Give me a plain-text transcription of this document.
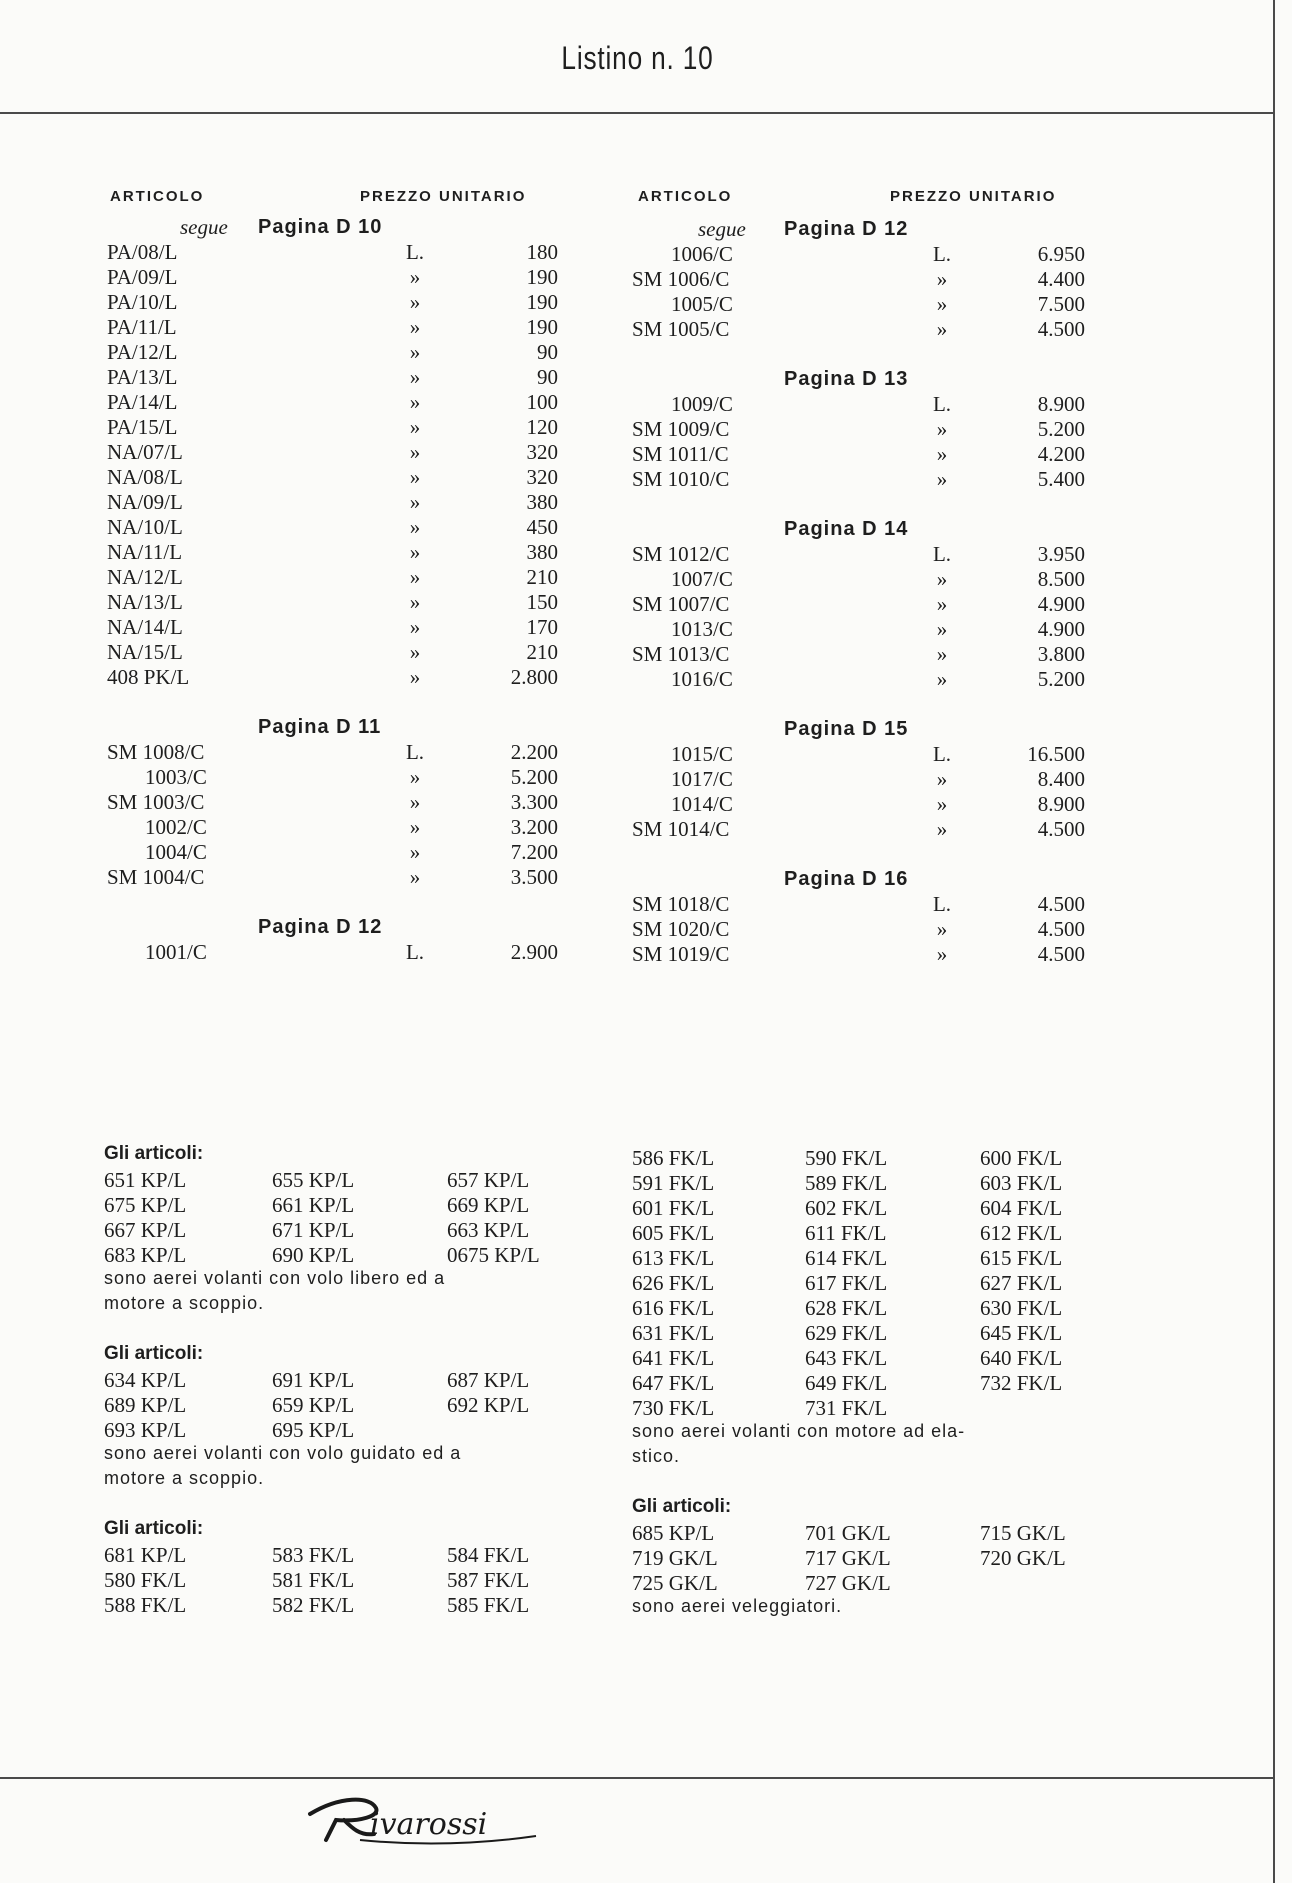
Listino n. 10
ARTICOLO	PREZZO UNITARIO	ARTICOLO	PREZZO UNITARIO
segue Pagina D 10
PA/08/L	L.	180
PA/09/L	»	190
PA/10/L	»	190
PA/11/L	»	190
PA/12/L	»	90
PA/13/L	»	90
PA/14/L	»	100
PA/15/L	»	120
NA/07/L	»	320
NA/08/L	»	320
NA/09/L	»	380
NA/10/L	»	450
NA/11/L	»	380
NA/12/L	»	210
NA/13/L	»	150
NA/14/L	»	170
NA/15/L	»	210
408 PK/L	»	2.800
Pagina D 11
SM 1008/C	L.	2.200
1003/C	»	5.200
SM 1003/C	»	3.300
1002/C	»	3.200
1004/C	»	7.200
SM 1004/C	»	3.500
Pagina D 12
1001/C	L.	2.900
segue Pagina D 12
1006/C	L.	6.950
SM 1006/C	»	4.400
1005/C	»	7.500
SM 1005/C	»	4.500
Pagina D 13
1009/C	L.	8.900
SM 1009/C	»	5.200
SM 1011/C	»	4.200
SM 1010/C	»	5.400
Pagina D 14
SM 1012/C	L.	3.950
1007/C	»	8.500
SM 1007/C	»	4.900
1013/C	»	4.900
SM 1013/C	»	3.800
1016/C	»	5.200
Pagina D 15
1015/C	L.	16.500
1017/C	»	8.400
1014/C	»	8.900
SM 1014/C	»	4.500
Pagina D 16
SM 1018/C	L.	4.500
SM 1020/C	»	4.500
SM 1019/C	»	4.500
Gli articoli:
651 KP/L	655 KP/L	657 KP/L
675 KP/L	661 KP/L	669 KP/L
667 KP/L	671 KP/L	663 KP/L
683 KP/L	690 KP/L	0675 KP/L
sono aerei volanti con volo libero ed a
motore a scoppio.
Gli articoli:
634 KP/L	691 KP/L	687 KP/L
689 KP/L	659 KP/L	692 KP/L
693 KP/L	695 KP/L
sono aerei volanti con volo guidato ed a
motore a scoppio.
Gli articoli:
681 KP/L	583 FK/L	584 FK/L
580 FK/L	581 FK/L	587 FK/L
588 FK/L	582 FK/L	585 FK/L
586 FK/L	590 FK/L	600 FK/L
591 FK/L	589 FK/L	603 FK/L
601 FK/L	602 FK/L	604 FK/L
605 FK/L	611 FK/L	612 FK/L
613 FK/L	614 FK/L	615 FK/L
626 FK/L	617 FK/L	627 FK/L
616 FK/L	628 FK/L	630 FK/L
631 FK/L	629 FK/L	645 FK/L
641 FK/L	643 FK/L	640 FK/L
647 FK/L	649 FK/L	732 FK/L
730 FK/L	731 FK/L
sono aerei volanti con motore ad ela-
stico.
Gli articoli:
685 KP/L	701 GK/L	715 GK/L
719 GK/L	717 GK/L	720 GK/L
725 GK/L	727 GK/L
sono aerei veleggiatori.
ivarossi
